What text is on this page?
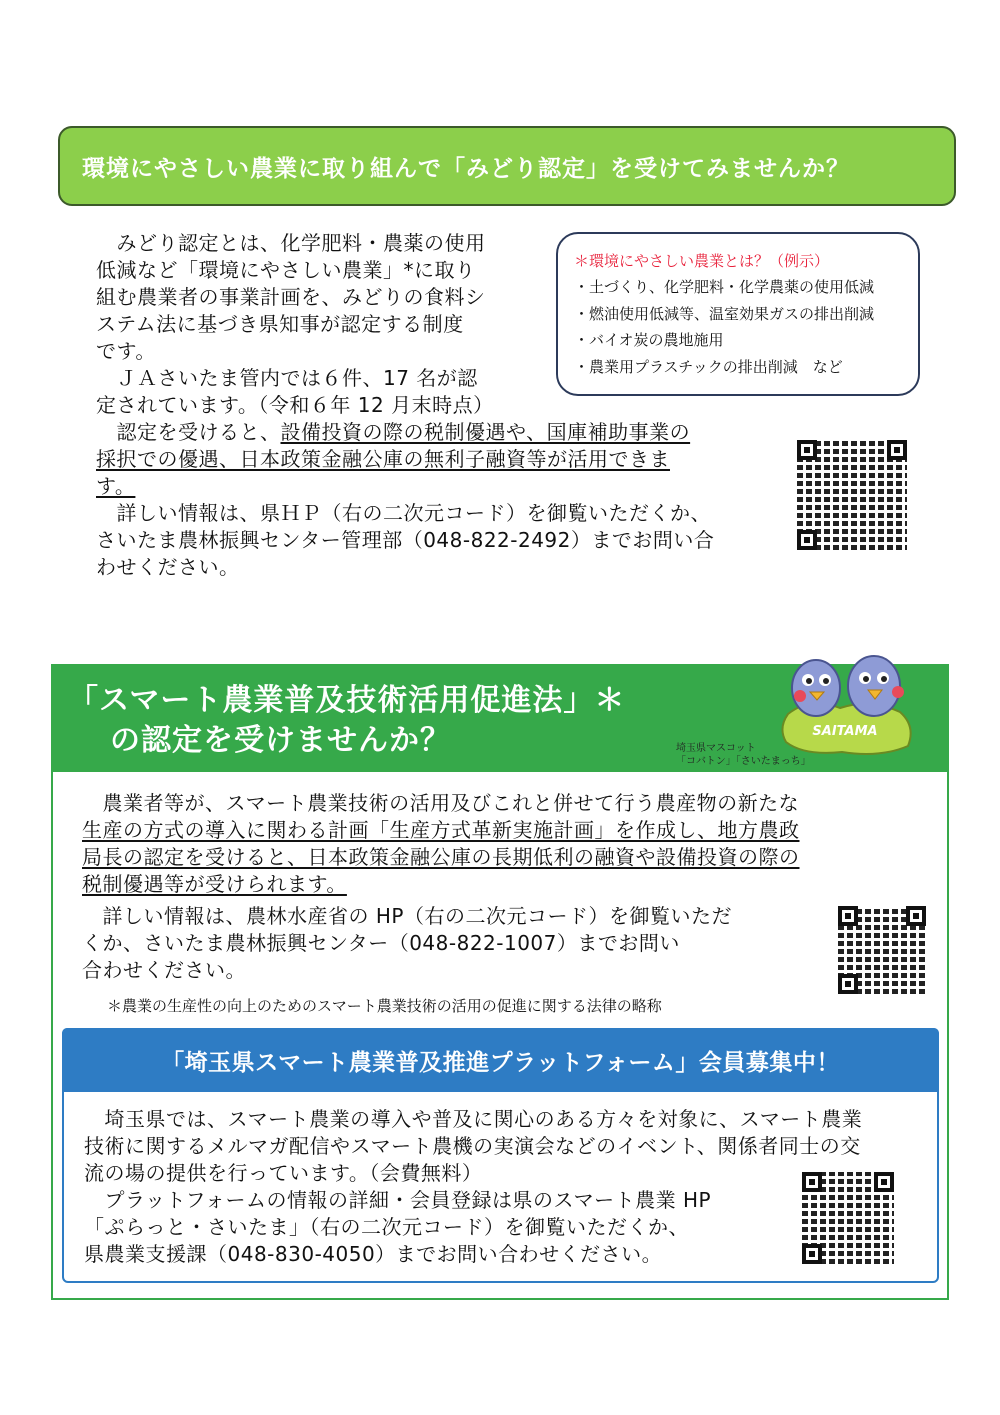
環境にやさしい農業に取り組んで「みどり認定」を受けてみませんか？

　みどり認定とは、化学肥料・農薬の使用

低減など「環境にやさしい農業」*に取り

組む農業者の事業計画を、みどりの食料シ

ステム法に基づき県知事が認定する制度

です。

　ＪＡさいたま管内では６件、17 名が認

定されています。（令和６年 12 月末時点）

　認定を受けると、設備投資の際の税制優遇や、国庫補助事業の

採択での優遇、日本政策金融公庫の無利子融資等が活用できま

す。

　詳しい情報は、県ＨＰ（右の二次元コード）を御覧いただくか、

さいたま農林振興センター管理部（048-822-2492）までお問い合

わせください。

＊環境にやさしい農業とは？（例示）
・土づくり、化学肥料・化学農薬の使用低減
・燃油使用低減等、温室効果ガスの排出削減
・バイオ炭の農地施用
・農業用プラスチックの排出削減　など
「スマート農業普及技術活用促進法」＊
の認定を受けませんか？	SAITAMA
埼玉県マスコット
「コバトン」「さいたまっち」

　農業者等が、スマート農業技術の活用及びこれと併せて行う農産物の新たな

生産の方式の導入に関わる計画「生産方式革新実施計画」を作成し、地方農政

局長の認定を受けると、日本政策金融公庫の長期低利の融資や設備投資の際の

税制優遇等が受けられます。

　詳しい情報は、農林水産省の HP（右の二次元コード）を御覧いただ

くか、さいたま農林振興センター（048-822-1007）までお問い

合わせください。

＊農業の生産性の向上のためのスマート農業技術の活用の促進に関する法律の略称
「埼玉県スマート農業普及推進プラットフォーム」会員募集中！

　埼玉県では、スマート農業の導入や普及に関心のある方々を対象に、スマート農業

技術に関するメルマガ配信やスマート農機の実演会などのイベント、関係者同士の交

流の場の提供を行っています。（会費無料）

　プラットフォームの情報の詳細・会員登録は県のスマート農業 HP

「ぷらっと・さいたま」（右の二次元コード）を御覧いただくか、

県農業支援課（048-830-4050）までお問い合わせください。
